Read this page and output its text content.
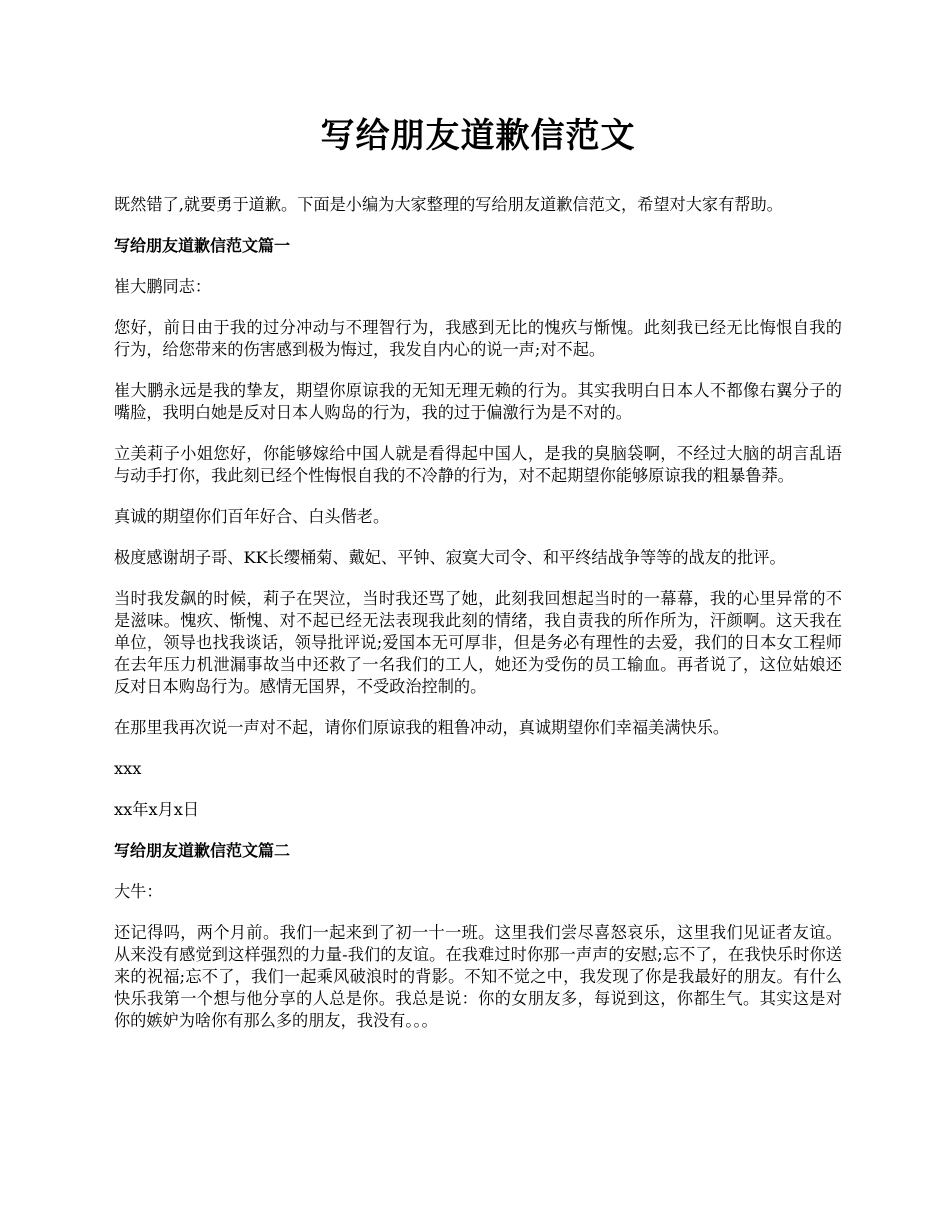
写给朋友道歉信范文

既然错了,就要勇于道歉。下面是小编为大家整理的写给朋友道歉信范文，希望对大家有帮助。

写给朋友道歉信范文篇一

崔大鹏同志：

您好，前日由于我的过分冲动与不理智行为，我感到无比的愧疚与惭愧。此刻我已经无比悔恨自我的行为，给您带来的伤害感到极为悔过，我发自内心的说一声;对不起。

崔大鹏永远是我的挚友，期望你原谅我的无知无理无赖的行为。其实我明白日本人不都像右翼分子的嘴脸，我明白她是反对日本人购岛的行为，我的过于偏激行为是不对的。

立美莉子小姐您好，你能够嫁给中国人就是看得起中国人，是我的臭脑袋啊，不经过大脑的胡言乱语与动手打你，我此刻已经个性悔恨自我的不冷静的行为，对不起期望你能够原谅我的粗暴鲁莽。

真诚的期望你们百年好合、白头偕老。

极度感谢胡子哥、KK长缨桶菊、戴妃、平钟、寂寞大司令、和平终结战争等等的战友的批评。

当时我发飙的时候，莉子在哭泣，当时我还骂了她，此刻我回想起当时的一幕幕，我的心里异常的不是滋味。愧疚、惭愧、对不起已经无法表现我此刻的情绪，我自责我的所作所为，汗颜啊。这天我在单位，领导也找我谈话，领导批评说;爱国本无可厚非，但是务必有理性的去爱，我们的日本女工程师在去年压力机泄漏事故当中还救了一名我们的工人，她还为受伤的员工输血。再者说了，这位姑娘还反对日本购岛行为。感情无国界，不受政治控制的。

在那里我再次说一声对不起，请你们原谅我的粗鲁冲动，真诚期望你们幸福美满快乐。

xxx

xx年x月x日

写给朋友道歉信范文篇二

大牛：

还记得吗，两个月前。我们一起来到了初一十一班。这里我们尝尽喜怒哀乐，这里我们见证者友谊。从来没有感觉到这样强烈的力量-我们的友谊。在我难过时你那一声声的安慰;忘不了，在我快乐时你送来的祝福;忘不了，我们一起乘风破浪时的背影。不知不觉之中，我发现了你是我最好的朋友。有什么快乐我第一个想与他分享的人总是你。我总是说：你的女朋友多，每说到这，你都生气。其实这是对你的嫉妒为啥你有那么多的朋友，我没有。。。
